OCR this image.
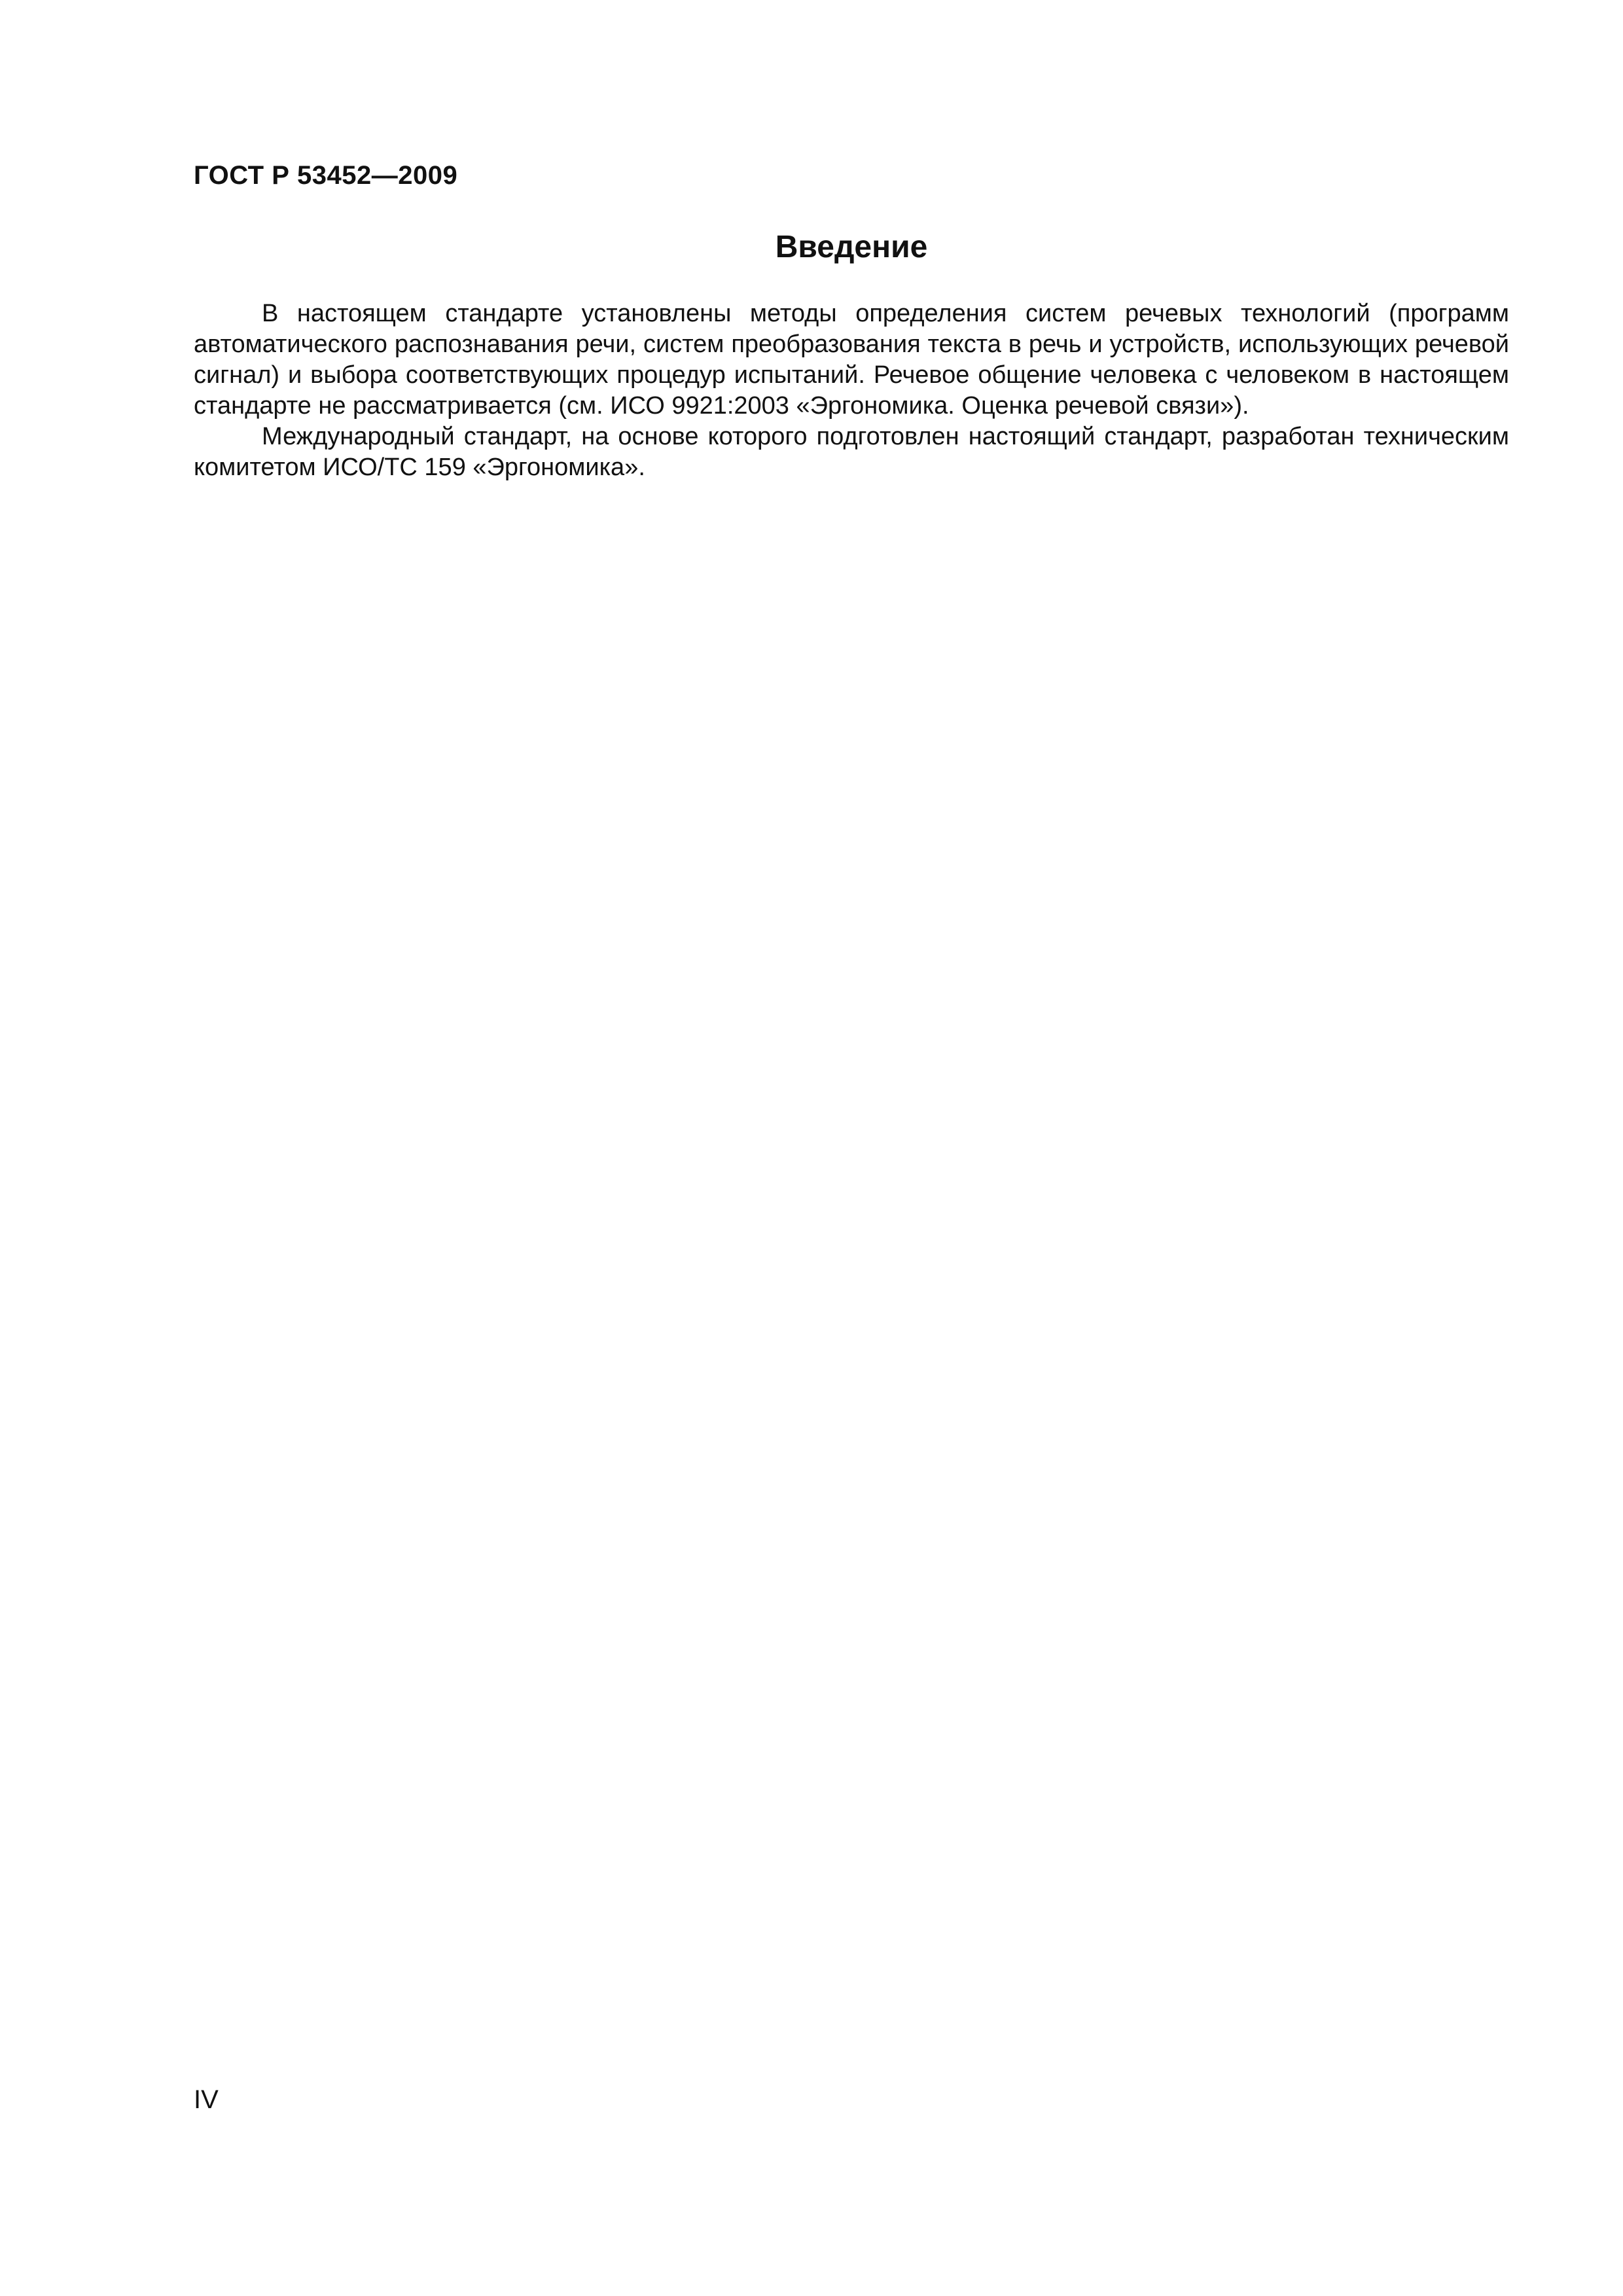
ГОСТ Р 53452—2009
Введение

В настоящем стандарте установлены методы определения систем речевых технологий (программ автоматического распознавания речи, систем преобразования текста в речь и устройств, использующих речевой сигнал) и выбора соответствующих процедур испытаний. Речевое общение человека с человеком в настоящем стандарте не рассматривается (см. ИСО 9921:2003 «Эргономика. Оценка речевой связи»).

Международный стандарт, на основе которого подготовлен настоящий стандарт, разработан техническим комитетом ИСО/ТС 159 «Эргономика».

IV
